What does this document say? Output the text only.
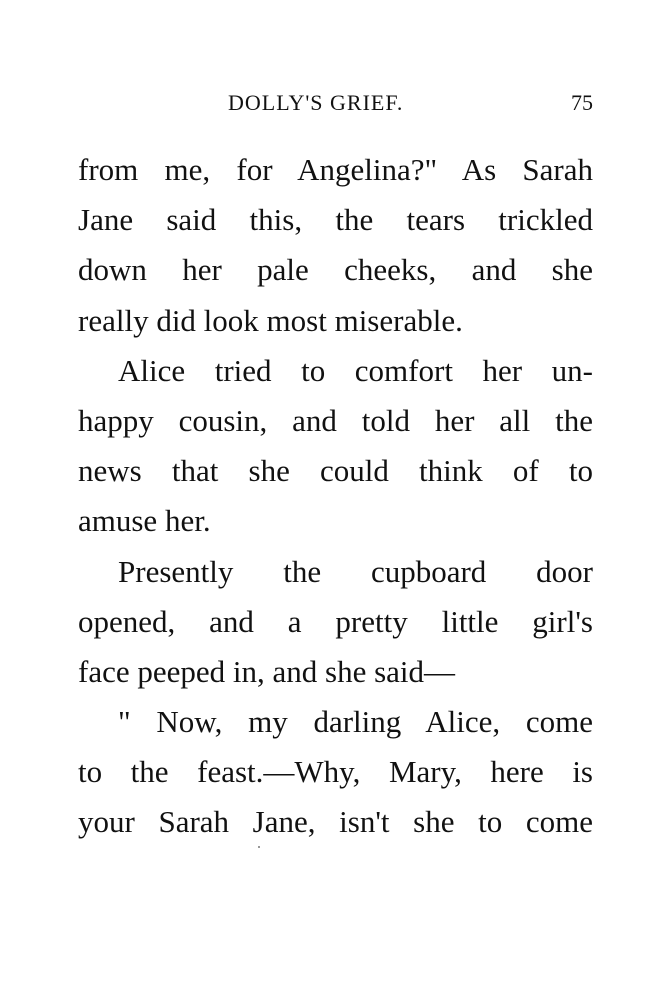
DOLLY'S GRIEF.	75
from me, for Angelina?" As Sarah
Jane said this, the tears trickled
down her pale cheeks, and she
really did look most miserable.
Alice tried to comfort her un-
happy cousin, and told her all the
news that she could think of to
amuse her.
Presently the cupboard door
opened, and a pretty little girl's
face peeped in, and she said—
" Now, my darling Alice, come
to the feast.—Why, Mary, here is
your Sarah Jane, isn't she to come
